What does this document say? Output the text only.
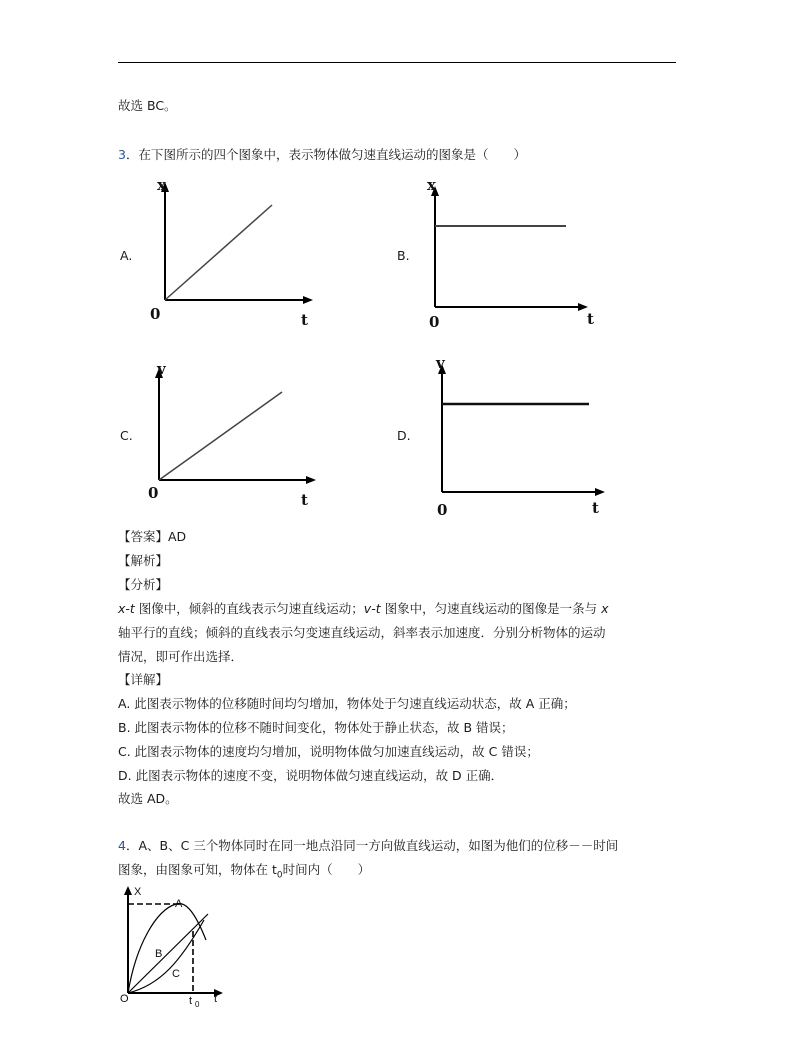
故选 BC。
3．在下图所示的四个图象中，表示物体做匀速直线运动的图象是（　　）
A.	B.
C.	D.
x
0	t
x
0	t
v
0	t
v
0	t
【答案】AD
【解析】
【分析】
x-t 图像中，倾斜的直线表示匀速直线运动；v-t 图象中，匀速直线运动的图像是一条与 x
轴平行的直线；倾斜的直线表示匀变速直线运动，斜率表示加速度．分别分析物体的运动
情况，即可作出选择．
【详解】
A. 此图表示物体的位移随时间均匀增加，物体处于匀速直线运动状态，故 A 正确；
B. 此图表示物体的位移不随时间变化，物体处于静止状态，故 B 错误；
C. 此图表示物体的速度均匀增加，说明物体做匀加速直线运动，故 C 错误；
D. 此图表示物体的速度不变，说明物体做匀速直线运动，故 D 正确．
故选 AD。
4．A、B、C 三个物体同时在同一地点沿同一方向做直线运动，如图为他们的位移－－时间
图象，由图象可知，物体在 $t_0$时间内（　　）
X
O	t
A
B
C
t 0
